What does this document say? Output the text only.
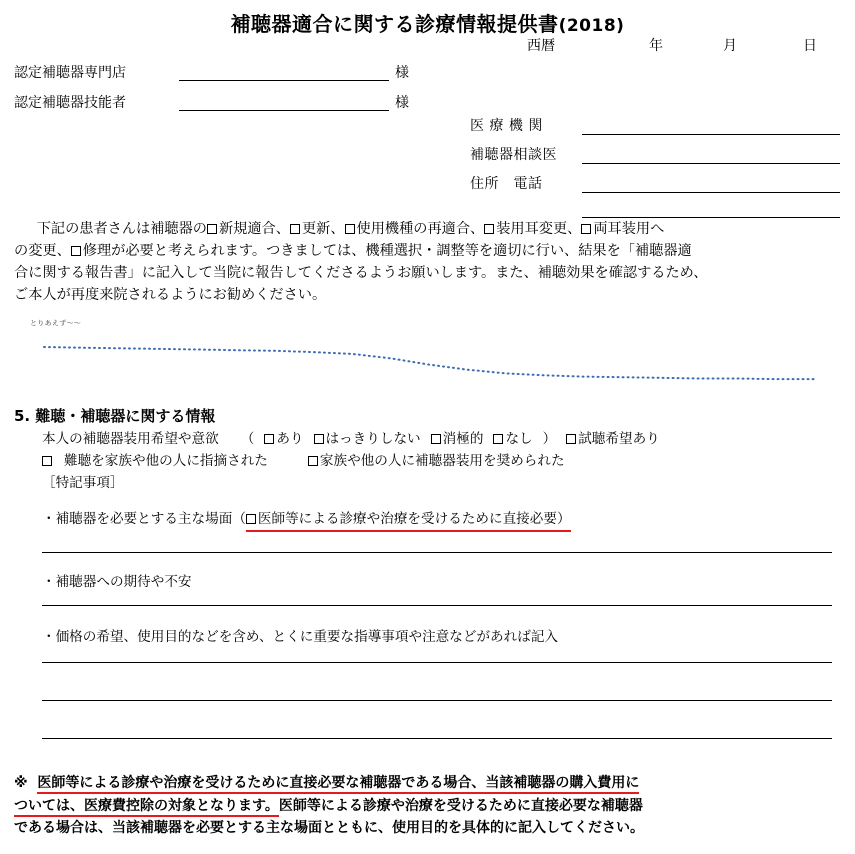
補聴器適合に関する診療情報提供書(2018)
西暦	年	月	日
認定補聴器専門店	様
認定補聴器技能者	様
医 療 機 関
補聴器相談医
住所　電話
下記の患者さんは補聴器の 新規適合、 更新、 使用機種の再適合、 装用耳変更、 両耳装用へ
の変更、 修理が必要と考えられます。つきましては、機種選択・調整等を適切に行い、結果を「補聴器適
合に関する報告書」に記入して当院に報告してくださるようお願いします。また、補聴効果を確認するため、
ご本人が再度来院されるようにお勧めください。
とりあえず〜〜
5. 難聴・補聴器に関する情報
本人の補聴器装用希望や意欲 （ あり はっきりしない 消極的 なし ） 試聴希望あり
難聴を家族や他の人に指摘された	家族や他の人に補聴器装用を奨められた
［特記事項］
・補聴器を必要とする主な場面（ 医師等による診療や治療を受けるために直接必要）
・補聴器への期待や不安
・価格の希望、使用目的などを含め、とくに重要な指導事項や注意などがあれば記入
※ 医師等による診療や治療を受けるために直接必要な補聴器である場合、当該補聴器の購入費用に
ついては、医療費控除の対象となります。医師等による診療や治療を受けるために直接必要な補聴器
である場合は、当該補聴器を必要とする主な場面とともに、使用目的を具体的に記入してください。
